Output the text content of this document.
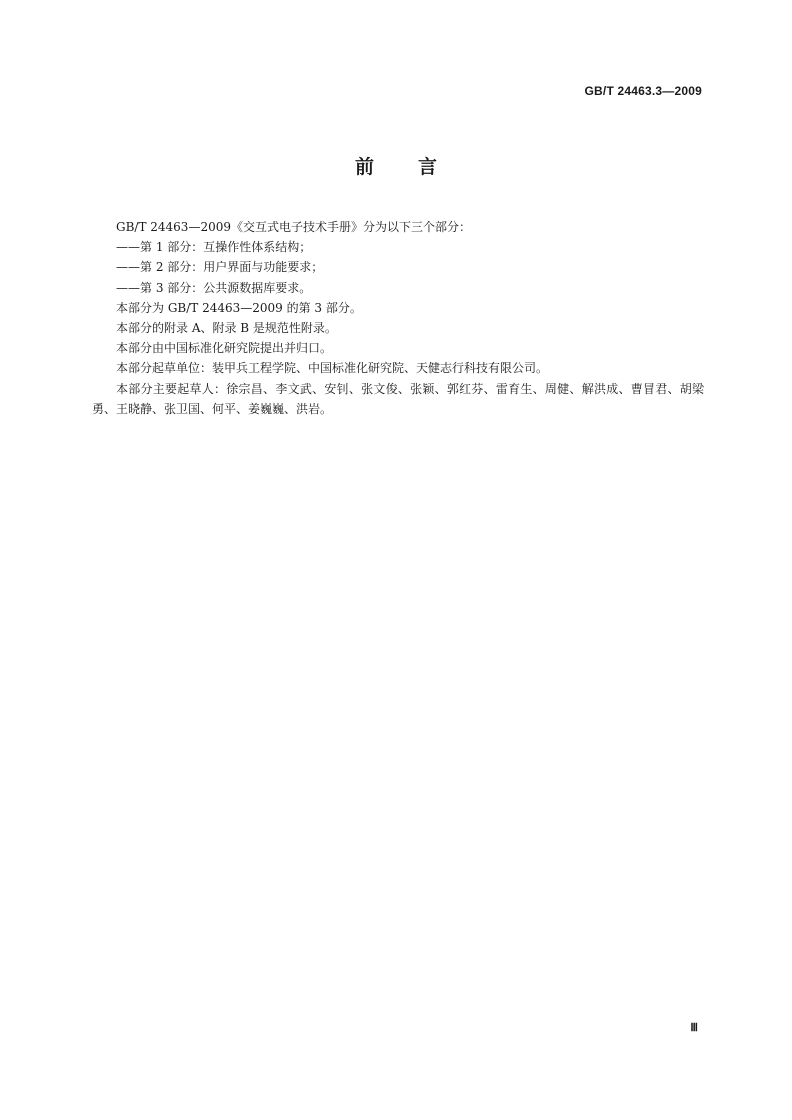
GB/T 24463.3—2009
前言

GB/T 24463—2009《交互式电子技术手册》分为以下三个部分：

——第 1 部分：互操作性体系结构；

——第 2 部分：用户界面与功能要求；

——第 3 部分：公共源数据库要求。

本部分为 GB/T 24463—2009 的第 3 部分。

本部分的附录 A、附录 B 是规范性附录。

本部分由中国标准化研究院提出并归口。

本部分起草单位：装甲兵工程学院、中国标准化研究院、天健志行科技有限公司。

本部分主要起草人：徐宗昌、李文武、安钊、张文俊、张颖、郭红芬、雷育生、周健、解洪成、曹冒君、胡梁勇、王晓静、张卫国、何平、姜巍巍、洪岩。

Ⅲ
